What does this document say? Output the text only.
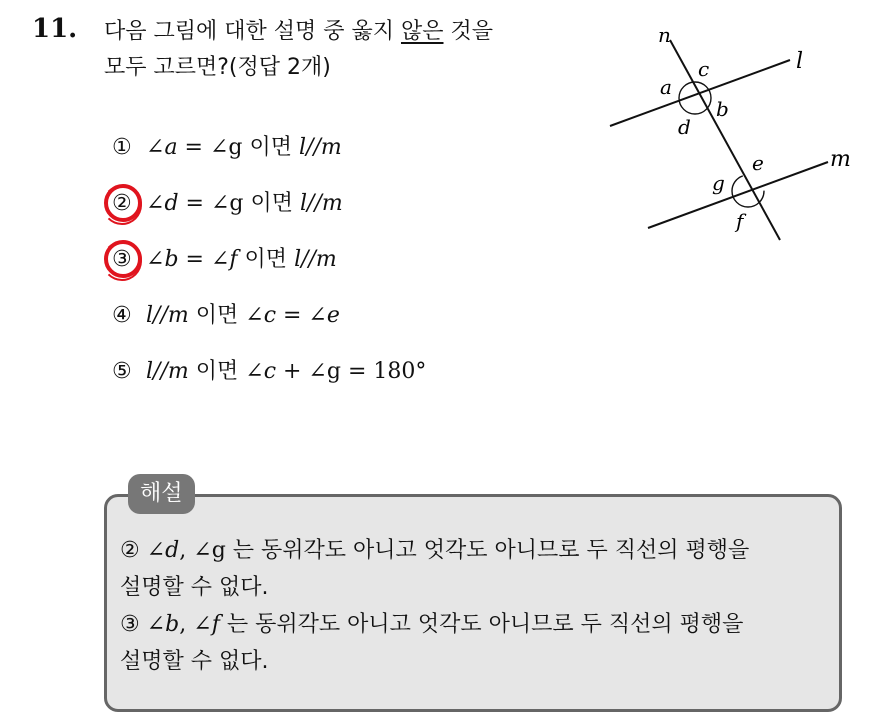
11. 다음 그림에 대한 설명 중 옳지 않은 것을
모두 고르면?(정답 2개)
① ∠a = ∠g 이면 l//m
② ∠d = ∠g 이면 l//m
③ ∠b = ∠f 이면 l//m
④ l//m 이면 ∠c = ∠e
⑤ l//m 이면 ∠c + ∠g = 180°
n
l
m
a
c
b
d
e
g
f
해설
② ∠d, ∠g 는 동위각도 아니고 엇각도 아니므로 두 직선의 평행을
설명할 수 없다.
③ ∠b, ∠f 는 동위각도 아니고 엇각도 아니므로 두 직선의 평행을
설명할 수 없다.
